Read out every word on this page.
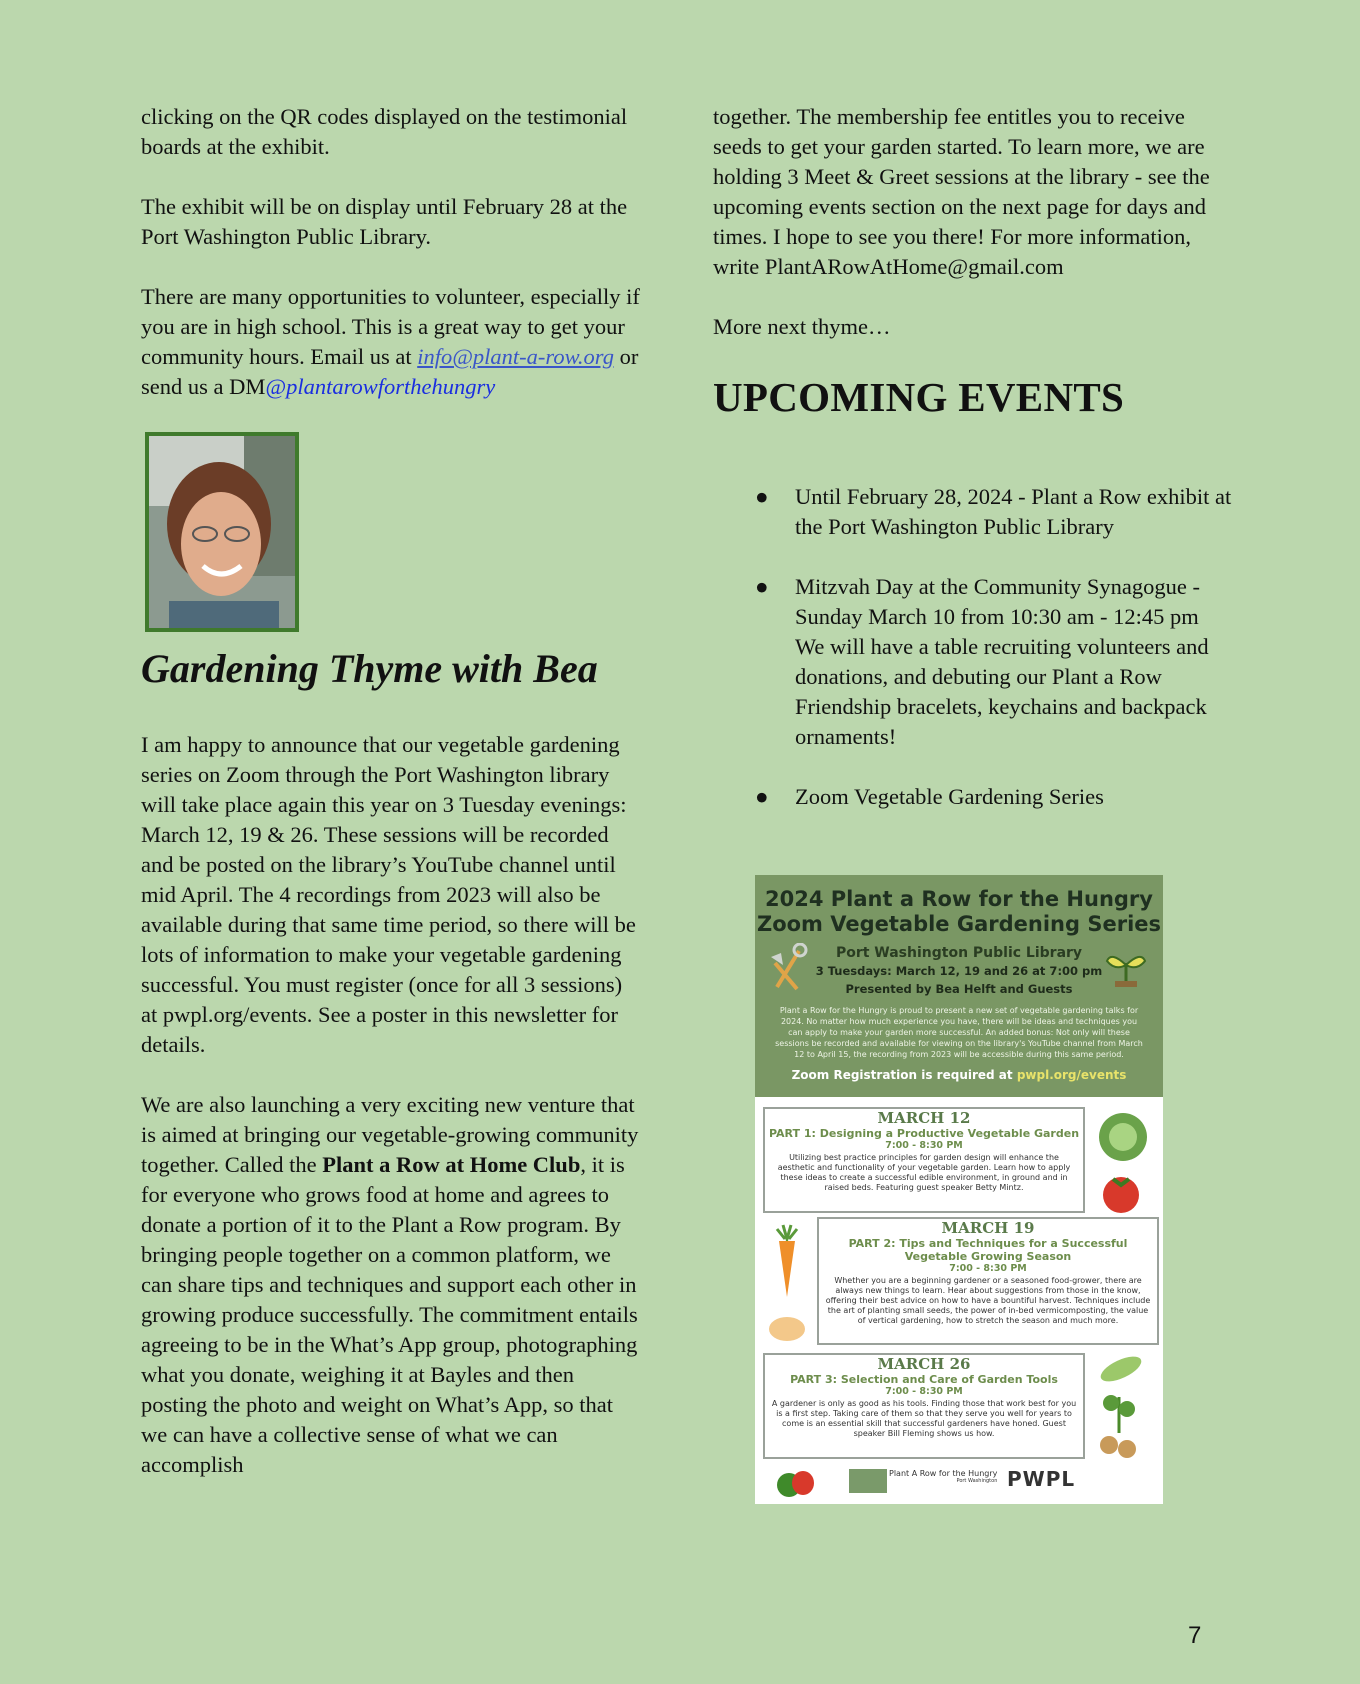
clicking on the QR codes displayed on the testimonial boards at the exhibit.

The exhibit will be on display until February 28 at the Port Washington Public Library.

There are many opportunities to volunteer, especially if you are in high school. This is a great way to get your community hours. Email us at info@plant-a-row.org or send us a DM@plantarowforthehungry

Gardening Thyme with Bea

I am happy to announce that our vegetable gardening series on Zoom through the Port Washington library will take place again this year on 3 Tuesday evenings: March 12, 19 & 26. These sessions will be recorded and be posted on the library’s YouTube channel until mid April. The 4 recordings from 2023 will also be available during that same time period, so there will be lots of information to make your vegetable gardening successful. You must register (once for all 3 sessions) at pwpl.org/events. See a poster in this newsletter for details.

We are also launching a very exciting new venture that is aimed at bringing our vegetable-growing community together. Called the Plant a Row at Home Club, it is for everyone who grows food at home and agrees to donate a portion of it to the Plant a Row program. By bringing people together on a common platform, we can share tips and techniques and support each other in growing produce successfully. The commitment entails agreeing to be in the What’s App group, photographing what you donate, weighing it at Bayles and then posting the photo and weight on What’s App, so that we can have a collective sense of what we can accomplish

together. The membership fee entitles you to receive seeds to get your garden started. To learn more, we are holding 3 Meet & Greet sessions at the library - see the upcoming events section on the next page for days and times. I hope to see you there! For more information, write PlantARowAtHome@gmail.com

More next thyme…

UPCOMING EVENTS
● Until February 28, 2024 - Plant a Row exhibit at the Port Washington Public Library
● Mitzvah Day at the Community Synagogue - Sunday March 10 from 10:30 am - 12:45 pm We will have a table recruiting volunteers and donations, and debuting our Plant a Row Friendship bracelets, keychains and backpack ornaments!
● Zoom Vegetable Gardening Series
2024 Plant a Row for the Hungry
Zoom Vegetable Gardening Series
Port Washington Public Library
3 Tuesdays: March 12, 19 and 26 at 7:00 pm
Presented by Bea Helft and Guests
Plant a Row for the Hungry is proud to present a new set of vegetable gardening talks for 2024. No matter how much experience you have, there will be ideas and techniques you can apply to make your garden more successful. An added bonus: Not only will these sessions be recorded and available for viewing on the library's YouTube channel from March 12 to April 15, the recording from 2023 will be accessible during this same period.
Zoom Registration is required at pwpl.org/events
MARCH 12
PART 1: Designing a Productive Vegetable Garden
7:00 - 8:30 PM
Utilizing best practice principles for garden design will enhance the aesthetic and functionality of your vegetable garden. Learn how to apply these ideas to create a successful edible environment, in ground and in raised beds. Featuring guest speaker Betty Mintz.
MARCH 19
PART 2: Tips and Techniques for a Successful Vegetable Growing Season
7:00 - 8:30 PM
Whether you are a beginning gardener or a seasoned food-grower, there are always new things to learn. Hear about suggestions from those in the know, offering their best advice on how to have a bountiful harvest. Techniques include the art of planting small seeds, the power of in-bed vermicomposting, the value of vertical gardening, how to stretch the season and much more.
MARCH 26
PART 3: Selection and Care of Garden Tools
7:00 - 8:30 PM
A gardener is only as good as his tools. Finding those that work best for you is a first step. Taking care of them so that they serve you well for years to come is an essential skill that successful gardeners have honed. Guest speaker Bill Fleming shows us how.
Plant A Row for the Hungry
Port Washington PWPL
7
